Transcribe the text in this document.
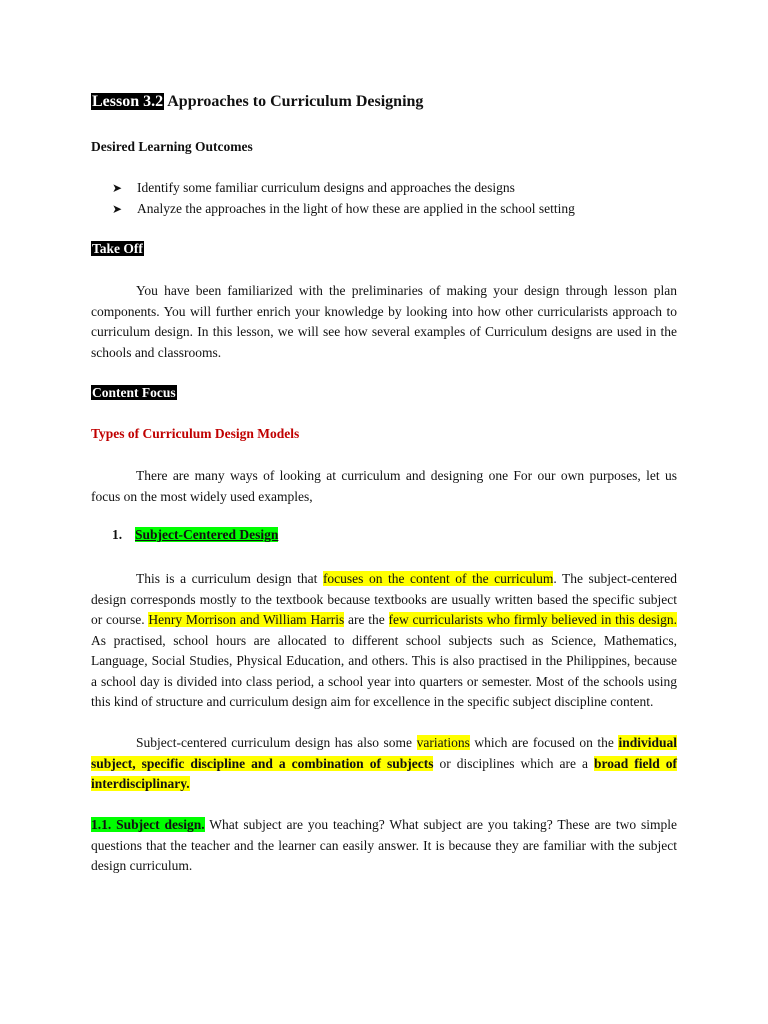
Lesson 3.2 Approaches to Curriculum Designing
Desired Learning Outcomes
➤ Identify some familiar curriculum designs and approaches the designs
➤ Analyze the approaches in the light of how these are applied in the school setting
Take Off
You have been familiarized with the preliminaries of making your design through lesson plan components. You will further enrich your knowledge by looking into how other curricularists approach to curriculum design. In this lesson, we will see how several examples of Curriculum designs are used in the schools and classrooms.
Content Focus
Types of Curriculum Design Models
There are many ways of looking at curriculum and designing one For our own purposes, let us focus on the most widely used examples,
1. Subject-Centered Design
This is a curriculum design that focuses on the content of the curriculum. The subject-centered design corresponds mostly to the textbook because textbooks are usually written based the specific subject or course. Henry Morrison and William Harris are the few curricularists who firmly believed in this design. As practised, school hours are allocated to different school subjects such as Science, Mathematics, Language, Social Studies, Physical Education, and others. This is also practised in the Philippines, because a school day is divided into class period, a school year into quarters or semester. Most of the schools using this kind of structure and curriculum design aim for excellence in the specific subject discipline content.
Subject-centered curriculum design has also some variations which are focused on the individual subject, specific discipline and a combination of subjects or disciplines which are a broad field of interdisciplinary.
1.1. Subject design. What subject are you teaching? What subject are you taking? These are two simple questions that the teacher and the learner can easily answer. It is because they are familiar with the subject design curriculum.
